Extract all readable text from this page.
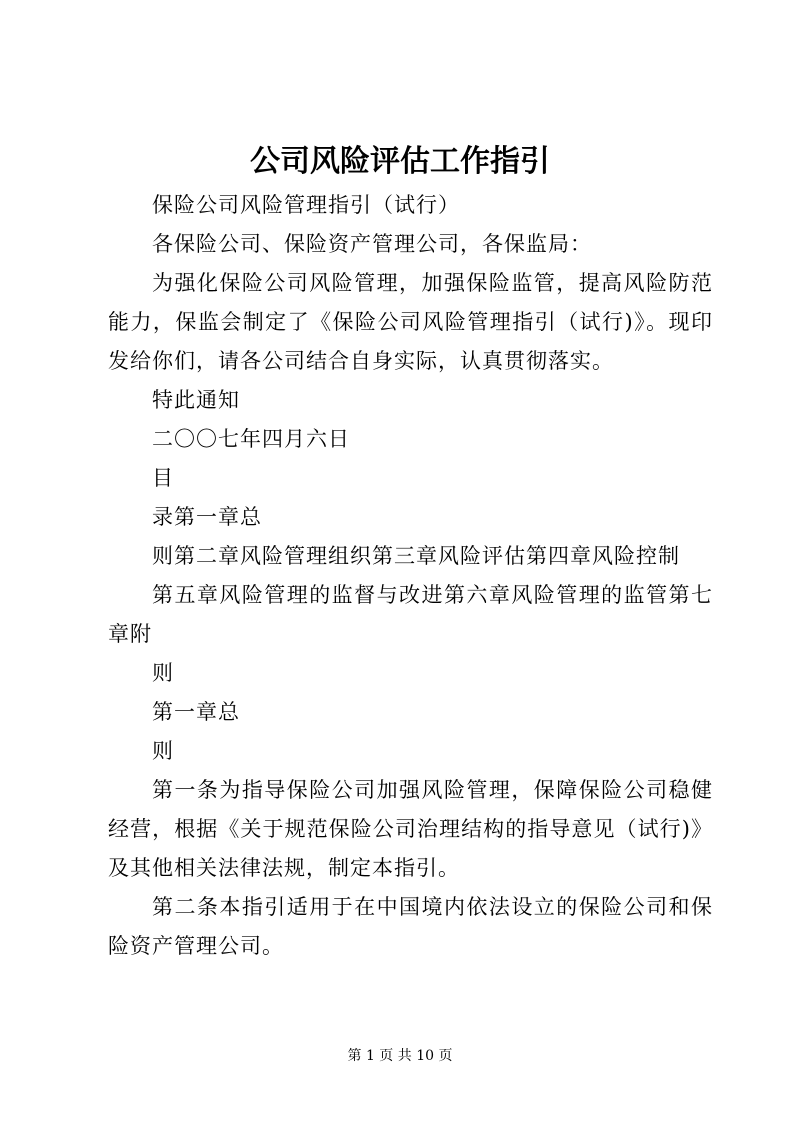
公司风险评估工作指引

保险公司风险管理指引（试行）

各保险公司、保险资产管理公司，各保监局：

为强化保险公司风险管理，加强保险监管，提高风险防范能力，保监会制定了《保险公司风险管理指引（试行)》。现印发给你们，请各公司结合自身实际，认真贯彻落实。

特此通知

二〇〇七年四月六日

目

录第一章总

则第二章风险管理组织第三章风险评估第四章风险控制

第五章风险管理的监督与改进第六章风险管理的监管第七章附

则

第一章总

则

第一条为指导保险公司加强风险管理，保障保险公司稳健经营，根据《关于规范保险公司治理结构的指导意见（试行)》及其他相关法律法规，制定本指引。

第二条本指引适用于在中国境内依法设立的保险公司和保险资产管理公司。

第 1 页 共 10 页
